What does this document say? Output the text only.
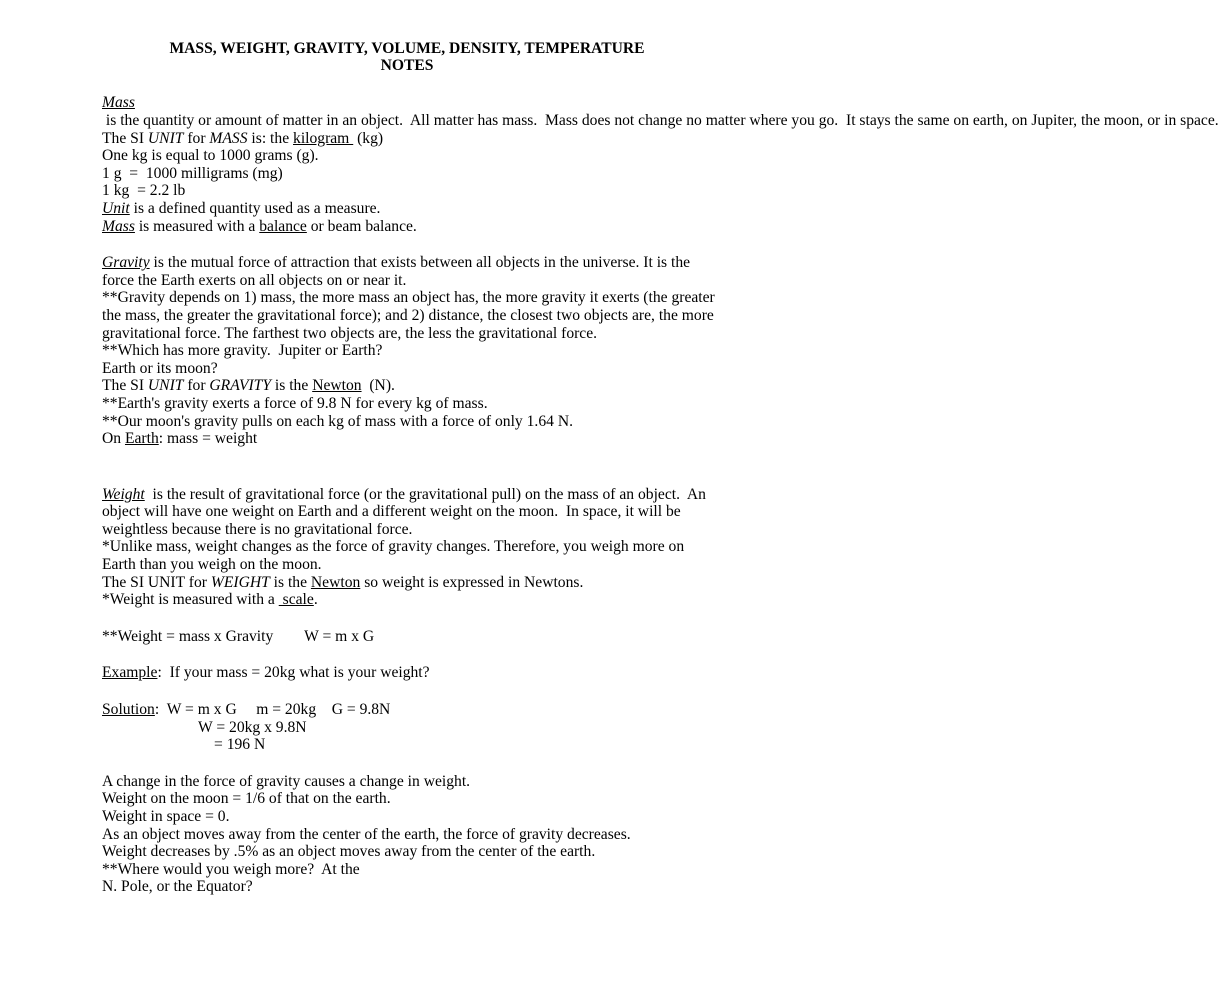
MASS, WEIGHT, GRAVITY, VOLUME, DENSITY, TEMPERATURE

NOTES

Mass is the quantity or amount of matter in an object.  All matter has mass.  Mass does not change no matter where you go.  It stays the same on earth, on Jupiter, the moon, or in space.

The SI UNIT for MASS is: the kilogram  (kg)

One kg is equal to 1000 grams (g).

1 g  =  1000 milligrams (mg)

1 kg  = 2.2 lb

Unit is a defined quantity used as a measure.

Mass is measured with a balance or beam balance.

Gravity is the mutual force of attraction that exists between all objects in the universe. It is the force the Earth exerts on all objects on or near it.

**Gravity depends on 1) mass, the more mass an object has, the more gravity it exerts (the greater the mass, the greater the gravitational force); and 2) distance, the closest two objects are, the more gravitational force. The farthest two objects are, the less the gravitational force.

**Which has more gravity.  Jupiter or Earth?

Earth or its moon?

The SI UNIT for GRAVITY is the Newton  (N).

**Earth's gravity exerts a force of 9.8 N for every kg of mass.

**Our moon's gravity pulls on each kg of mass with a force of only 1.64 N.

On Earth: mass = weight

Weight  is the result of gravitational force (or the gravitational pull) on the mass of an object.  An object will have one weight on Earth and a different weight on the moon.  In space, it will be weightless because there is no gravitational force.

*Unlike mass, weight changes as the force of gravity changes. Therefore, you weigh more on Earth than you weigh on the moon.

The SI UNIT for WEIGHT is the Newton so weight is expressed in Newtons.

*Weight is measured with a  scale.

**Weight = mass x Gravity        W = m x G

Example:  If your mass = 20kg what is your weight?

Solution:  W = m x G     m = 20kg    G = 9.8N

W = 20kg x 9.8N

= 196 N

A change in the force of gravity causes a change in weight.

Weight on the moon = 1/6 of that on the earth.

Weight in space = 0.

As an object moves away from the center of the earth, the force of gravity decreases.

Weight decreases by .5% as an object moves away from the center of the earth.

**Where would you weigh more?  At the

N. Pole, or the Equator?
